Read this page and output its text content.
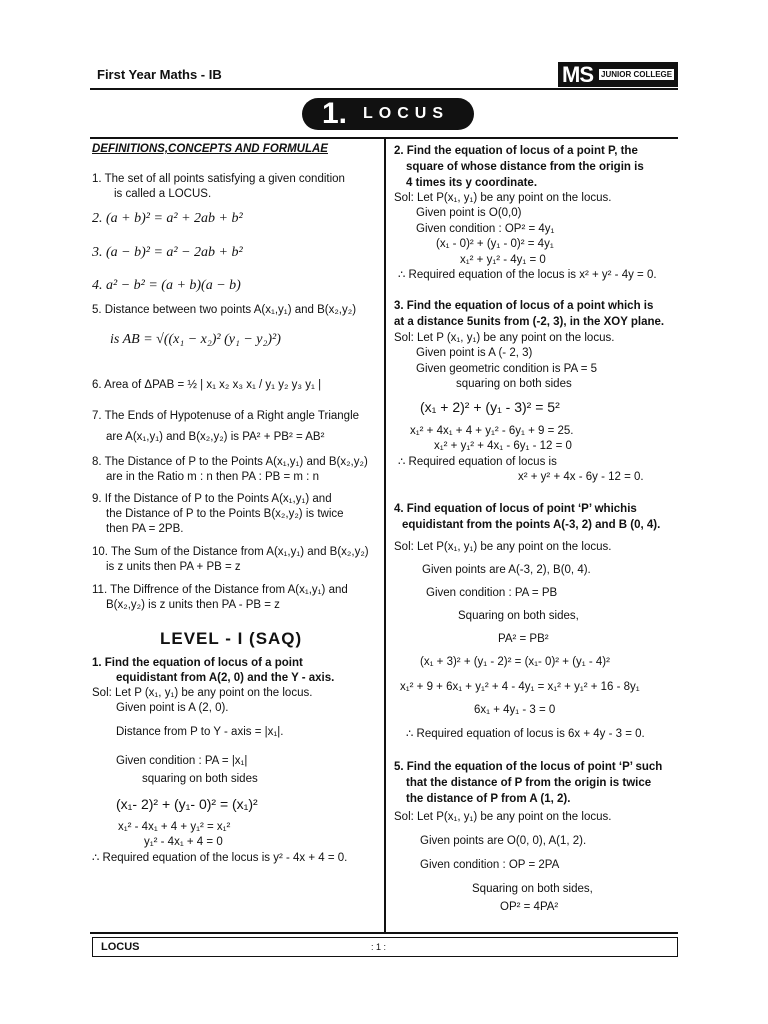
First Year Maths - IB	MS	JUNIOR COLLEGE
1. LOCUS
DEFINITIONS,CONCEPTS AND FORMULAE
1. The set of all points satisfying a given condition
is called a LOCUS.
2. (a + b)² = a² + 2ab + b²
3. (a − b)² = a² − 2ab + b²
4. a² − b² = (a + b)(a − b)
5. Distance between two points A(x₁,y₁) and B(x₂,y₂)
is AB = √((x₁ − x₂)² (y₁ − y₂)²)
6. Area of ΔPAB = ½ | x₁ x₂ x₃ x₁ / y₁ y₂ y₃ y₁ |
7. The Ends of Hypotenuse of a Right angle Triangle
are A(x₁,y₁) and B(x₂,y₂) is PA² + PB² = AB²
8. The Distance of P to the Points A(x₁,y₁) and B(x₂,y₂)
are in the Ratio m : n then PA : PB = m : n
9. If the Distance of P to the Points A(x₁,y₁) and
the Distance of P to the Points B(x₂,y₂) is twice
then PA = 2PB.
10. The Sum of the Distance from A(x₁,y₁) and B(x₂,y₂)
is z units then PA + PB = z
11. The Diffrence of the Distance from A(x₁,y₁) and
B(x₂,y₂) is z units then PA - PB = z
LEVEL - I (SAQ)
1. Find the equation of locus of a point
equidistant from A(2, 0) and the Y - axis.
Sol: Let P (x₁, y₁) be any point on the locus.
Given point is A (2, 0).
Distance from P to Y - axis = |x₁|.
Given condition : PA = |x₁|
squaring on both sides
(x₁- 2)² + (y₁- 0)² = (x₁)²
x₁² - 4x₁ + 4 + y₁² = x₁²
y₁² - 4x₁ + 4 = 0
∴ Required equation of the locus is y² - 4x + 4 = 0.
2. Find the equation of locus of a point P, the
square of whose distance from the origin is
4 times its y coordinate.
Sol: Let P(x₁, y₁) be any point on the locus.
Given point is O(0,0)
Given condition : OP² = 4y₁
(x₁ - 0)² + (y₁ - 0)² = 4y₁
x₁² + y₁² - 4y₁ = 0
∴ Required equation of the locus is x² + y² - 4y = 0.
3. Find the equation of locus of a point which is
at a distance 5units from (-2, 3), in the XOY plane.
Sol: Let P (x₁, y₁) be any point on the locus.
Given point is A (- 2, 3)
Given geometric condition is PA = 5
squaring on both sides
(x₁ + 2)² + (y₁ - 3)² = 5²
x₁² + 4x₁ + 4 + y₁² - 6y₁ + 9 = 25.
x₁² + y₁² + 4x₁ - 6y₁ - 12 = 0
∴ Required equation of locus is
x² + y² + 4x - 6y - 12 = 0.
4. Find equation of locus of point ‘P’ whichis
equidistant from the points A(-3, 2) and B (0, 4).
Sol: Let P(x₁, y₁) be any point on the locus.
Given points are A(-3, 2), B(0, 4).
Given condition : PA = PB
Squaring on both sides,
PA² = PB²
(x₁ + 3)² + (y₁ - 2)² = (x₁- 0)² + (y₁ - 4)²
x₁² + 9 + 6x₁ + y₁² + 4 - 4y₁ = x₁² + y₁² + 16 - 8y₁
6x₁ + 4y₁ - 3 = 0
∴ Required equation of locus is 6x + 4y - 3 = 0.
5. Find the equation of the locus of point ‘P’ such
that the distance of P from the origin is twice
the distance of P from A (1, 2).
Sol: Let P(x₁, y₁) be any point on the locus.
Given points are O(0, 0), A(1, 2).
Given condition : OP = 2PA
Squaring on both sides,
OP² = 4PA²
LOCUS	: 1 :
